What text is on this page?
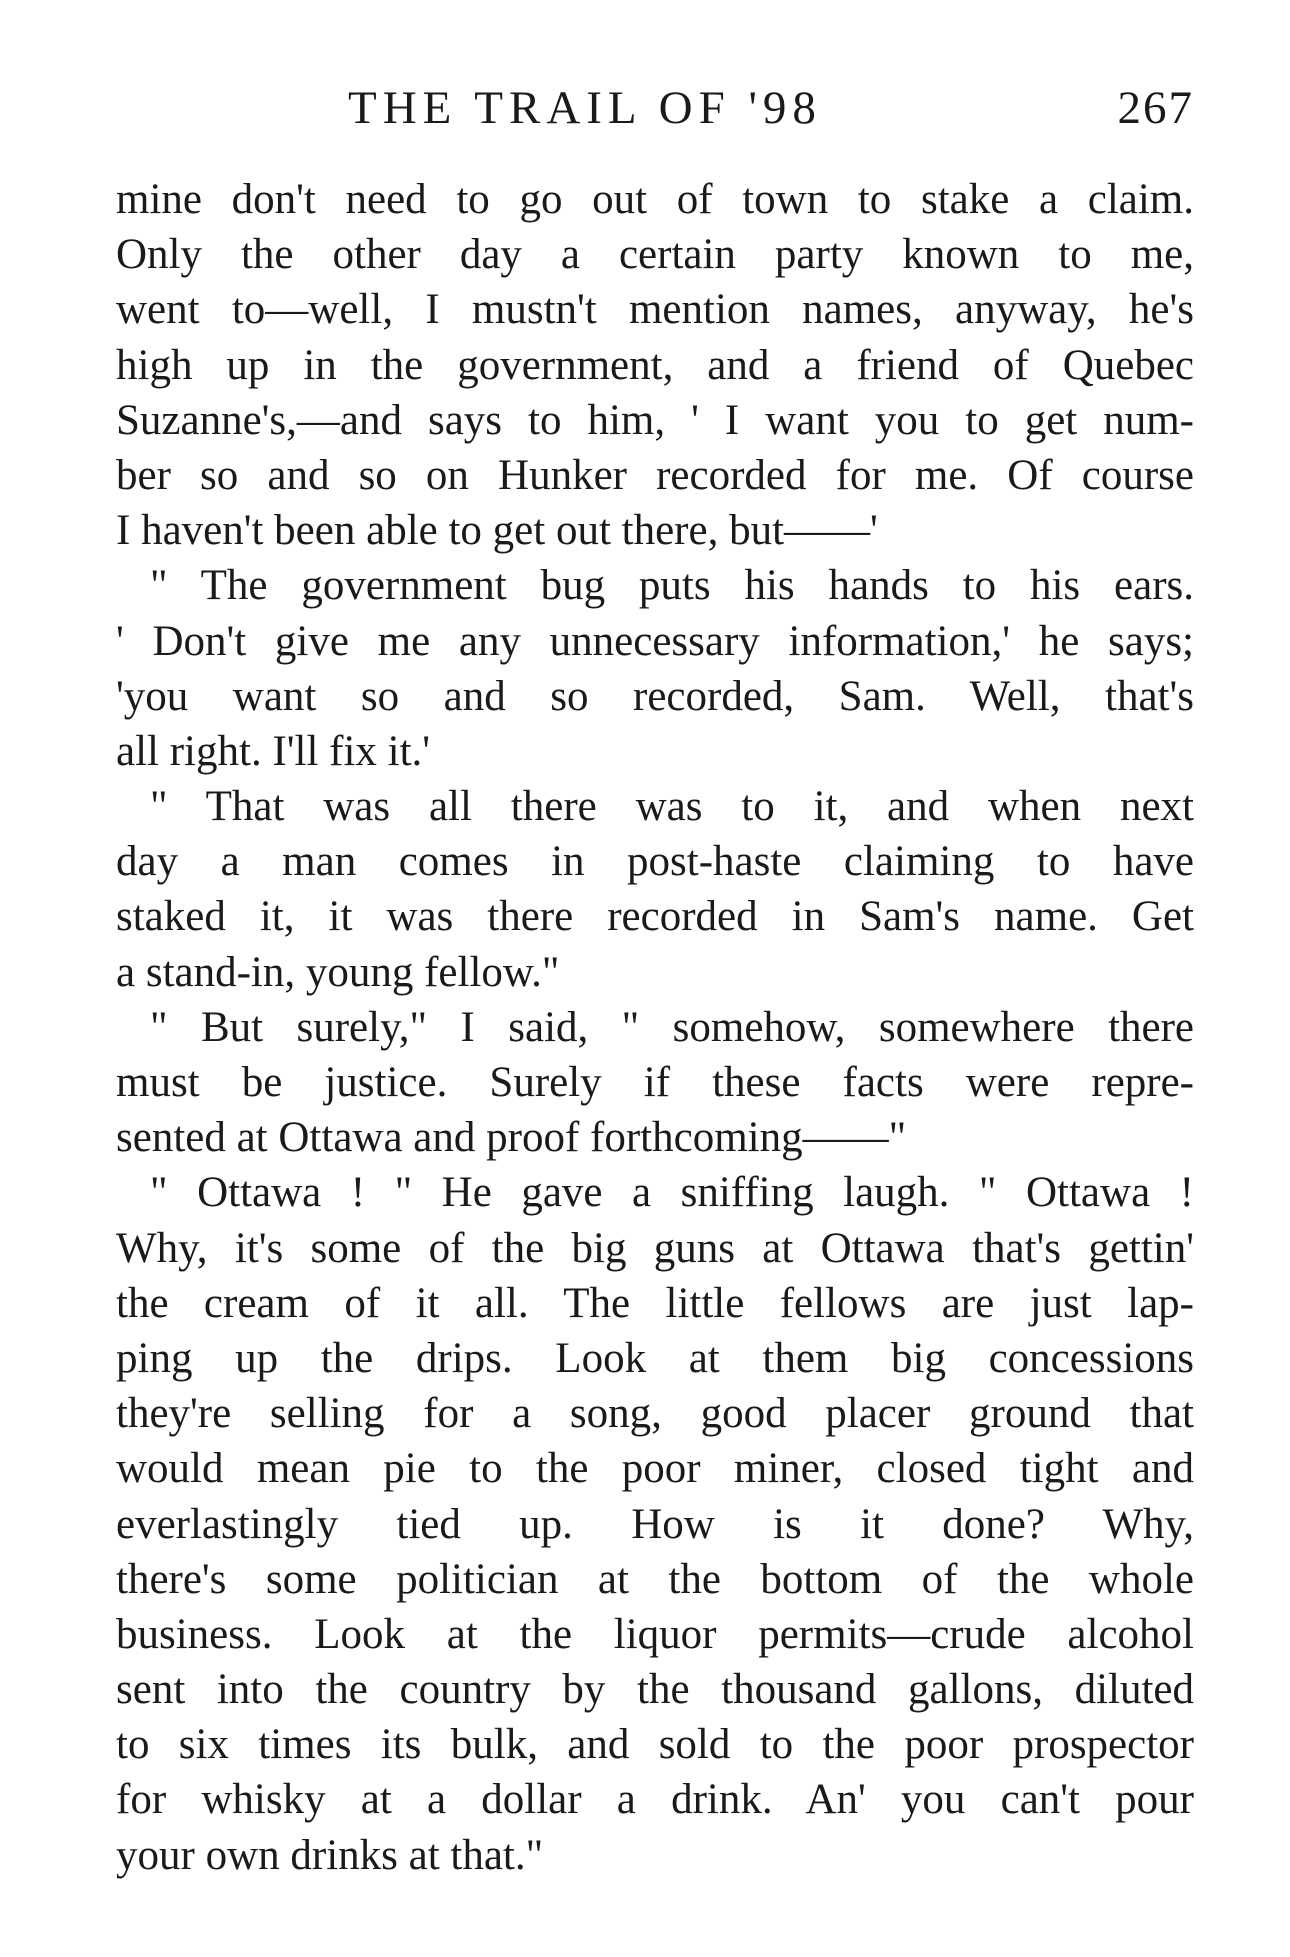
THE TRAIL OF '98	267
mine don't need to go out of town to stake a claim.
Only the other day a certain party known to me,
went to—well, I mustn't mention names, anyway, he's
high up in the government, and a friend of Quebec
Suzanne's,—and says to him, ' I want you to get num-
ber so and so on Hunker recorded for me. Of course
I haven't been able to get out there, but——'
" The government bug puts his hands to his ears.
' Don't give me any unnecessary information,' he says;
'you want so and so recorded, Sam. Well, that's
all right. I'll fix it.'
" That was all there was to it, and when next
day a man comes in post-haste claiming to have
staked it, it was there recorded in Sam's name. Get
a stand-in, young fellow."
" But surely," I said, " somehow, somewhere there
must be justice. Surely if these facts were repre-
sented at Ottawa and proof forthcoming——"
" Ottawa ! " He gave a sniffing laugh. " Ottawa !
Why, it's some of the big guns at Ottawa that's gettin'
the cream of it all. The little fellows are just lap-
ping up the drips. Look at them big concessions
they're selling for a song, good placer ground that
would mean pie to the poor miner, closed tight and
everlastingly tied up. How is it done? Why,
there's some politician at the bottom of the whole
business. Look at the liquor permits—crude alcohol
sent into the country by the thousand gallons, diluted
to six times its bulk, and sold to the poor prospector
for whisky at a dollar a drink. An' you can't pour
your own drinks at that."
